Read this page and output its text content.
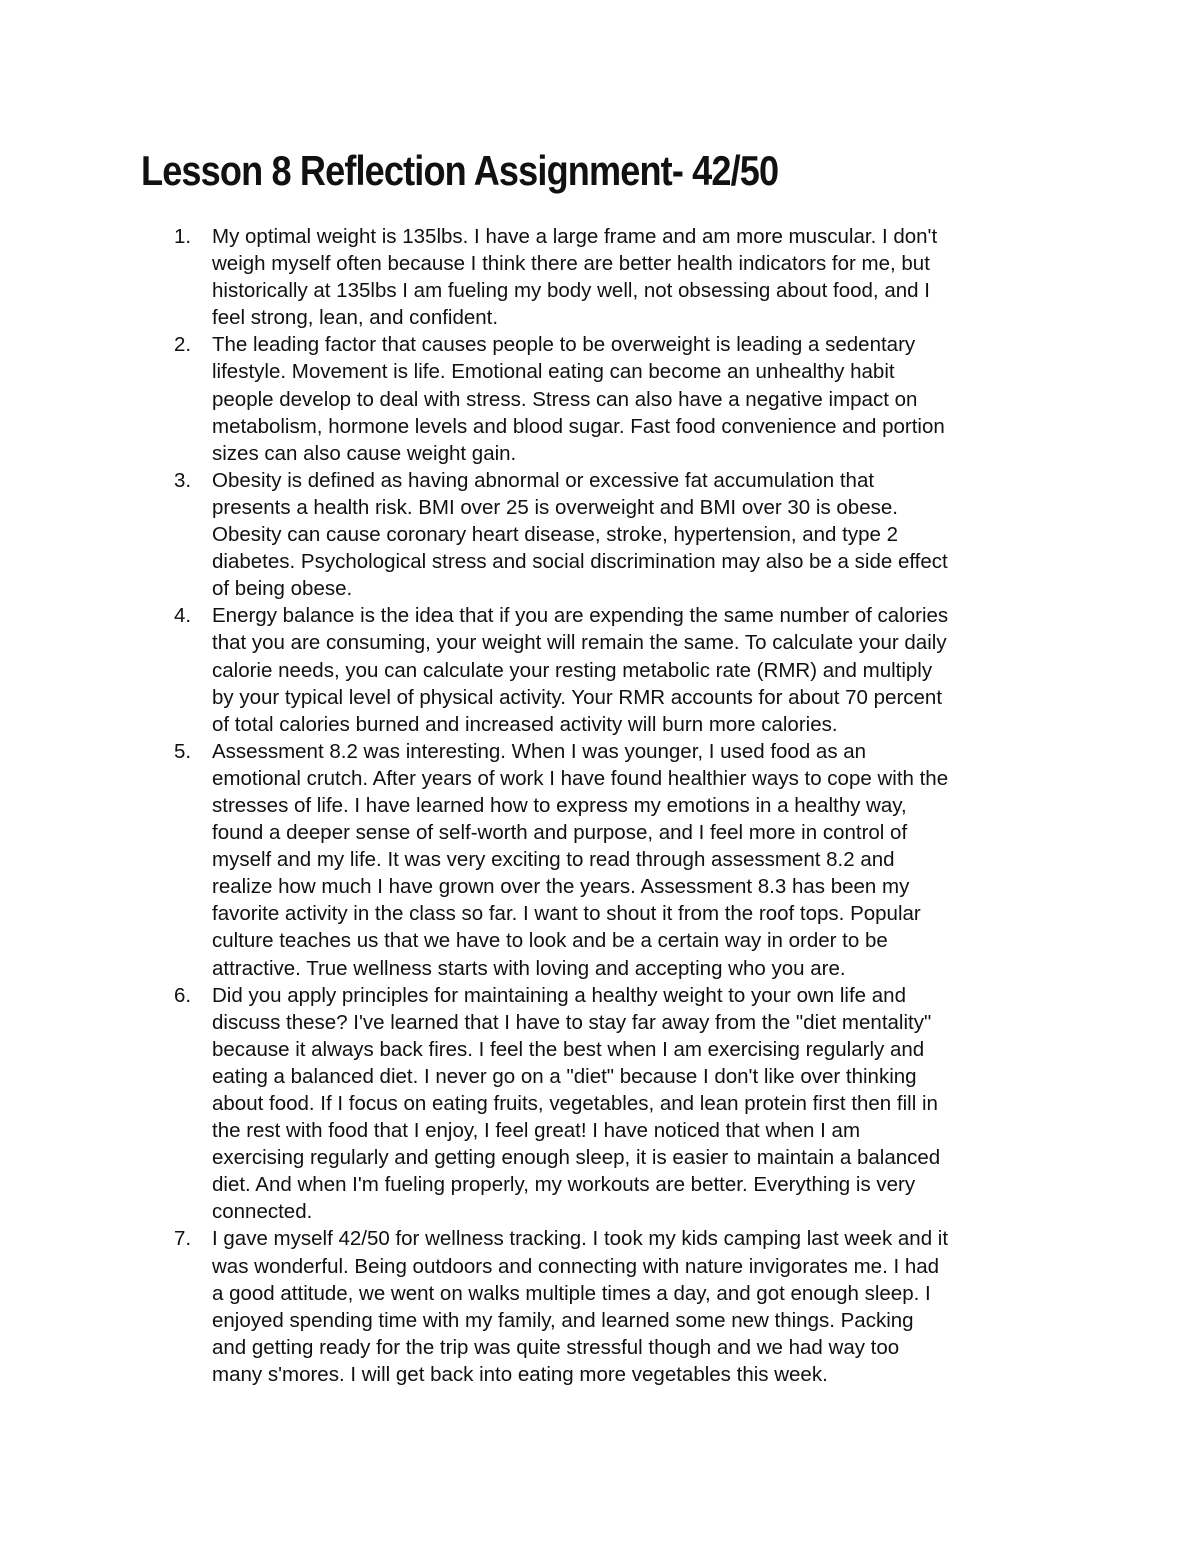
Lesson 8 Reflection Assignment- 42/50
1.	My optimal weight is 135lbs. I have a large frame and am more muscular. I don't
weigh myself often because I think there are better health indicators for me, but
historically at 135lbs I am fueling my body well, not obsessing about food, and I
feel strong, lean, and confident.
2.	The leading factor that causes people to be overweight is leading a sedentary
lifestyle. Movement is life. Emotional eating can become an unhealthy habit
people develop to deal with stress. Stress can also have a negative impact on
metabolism, hormone levels and blood sugar. Fast food convenience and portion
sizes can also cause weight gain.
3.	Obesity is defined as having abnormal or excessive fat accumulation that
presents a health risk. BMI over 25 is overweight and BMI over 30 is obese.
Obesity can cause coronary heart disease, stroke, hypertension, and type 2
diabetes. Psychological stress and social discrimination may also be a side effect
of being obese.
4.	Energy balance is the idea that if you are expending the same number of calories
that you are consuming, your weight will remain the same. To calculate your daily
calorie needs, you can calculate your resting metabolic rate (RMR) and multiply
by your typical level of physical activity. Your RMR accounts for about 70 percent
of total calories burned and increased activity will burn more calories.
5.	Assessment 8.2 was interesting. When I was younger, I used food as an
emotional crutch. After years of work I have found healthier ways to cope with the
stresses of life. I have learned how to express my emotions in a healthy way,
found a deeper sense of self-worth and purpose, and I feel more in control of
myself and my life. It was very exciting to read through assessment 8.2 and
realize how much I have grown over the years. Assessment 8.3 has been my
favorite activity in the class so far. I want to shout it from the roof tops. Popular
culture teaches us that we have to look and be a certain way in order to be
attractive. True wellness starts with loving and accepting who you are.
6.	Did you apply principles for maintaining a healthy weight to your own life and
discuss these? I've learned that I have to stay far away from the "diet mentality"
because it always back fires. I feel the best when I am exercising regularly and
eating a balanced diet. I never go on a "diet" because I don't like over thinking
about food. If I focus on eating fruits, vegetables, and lean protein first then fill in
the rest with food that I enjoy, I feel great! I have noticed that when I am
exercising regularly and getting enough sleep, it is easier to maintain a balanced
diet. And when I'm fueling properly, my workouts are better. Everything is very
connected.
7.	I gave myself 42/50 for wellness tracking. I took my kids camping last week and it
was wonderful. Being outdoors and connecting with nature invigorates me. I had
a good attitude, we went on walks multiple times a day, and got enough sleep. I
enjoyed spending time with my family, and learned some new things. Packing
and getting ready for the trip was quite stressful though and we had way too
many s'mores. I will get back into eating more vegetables this week.
